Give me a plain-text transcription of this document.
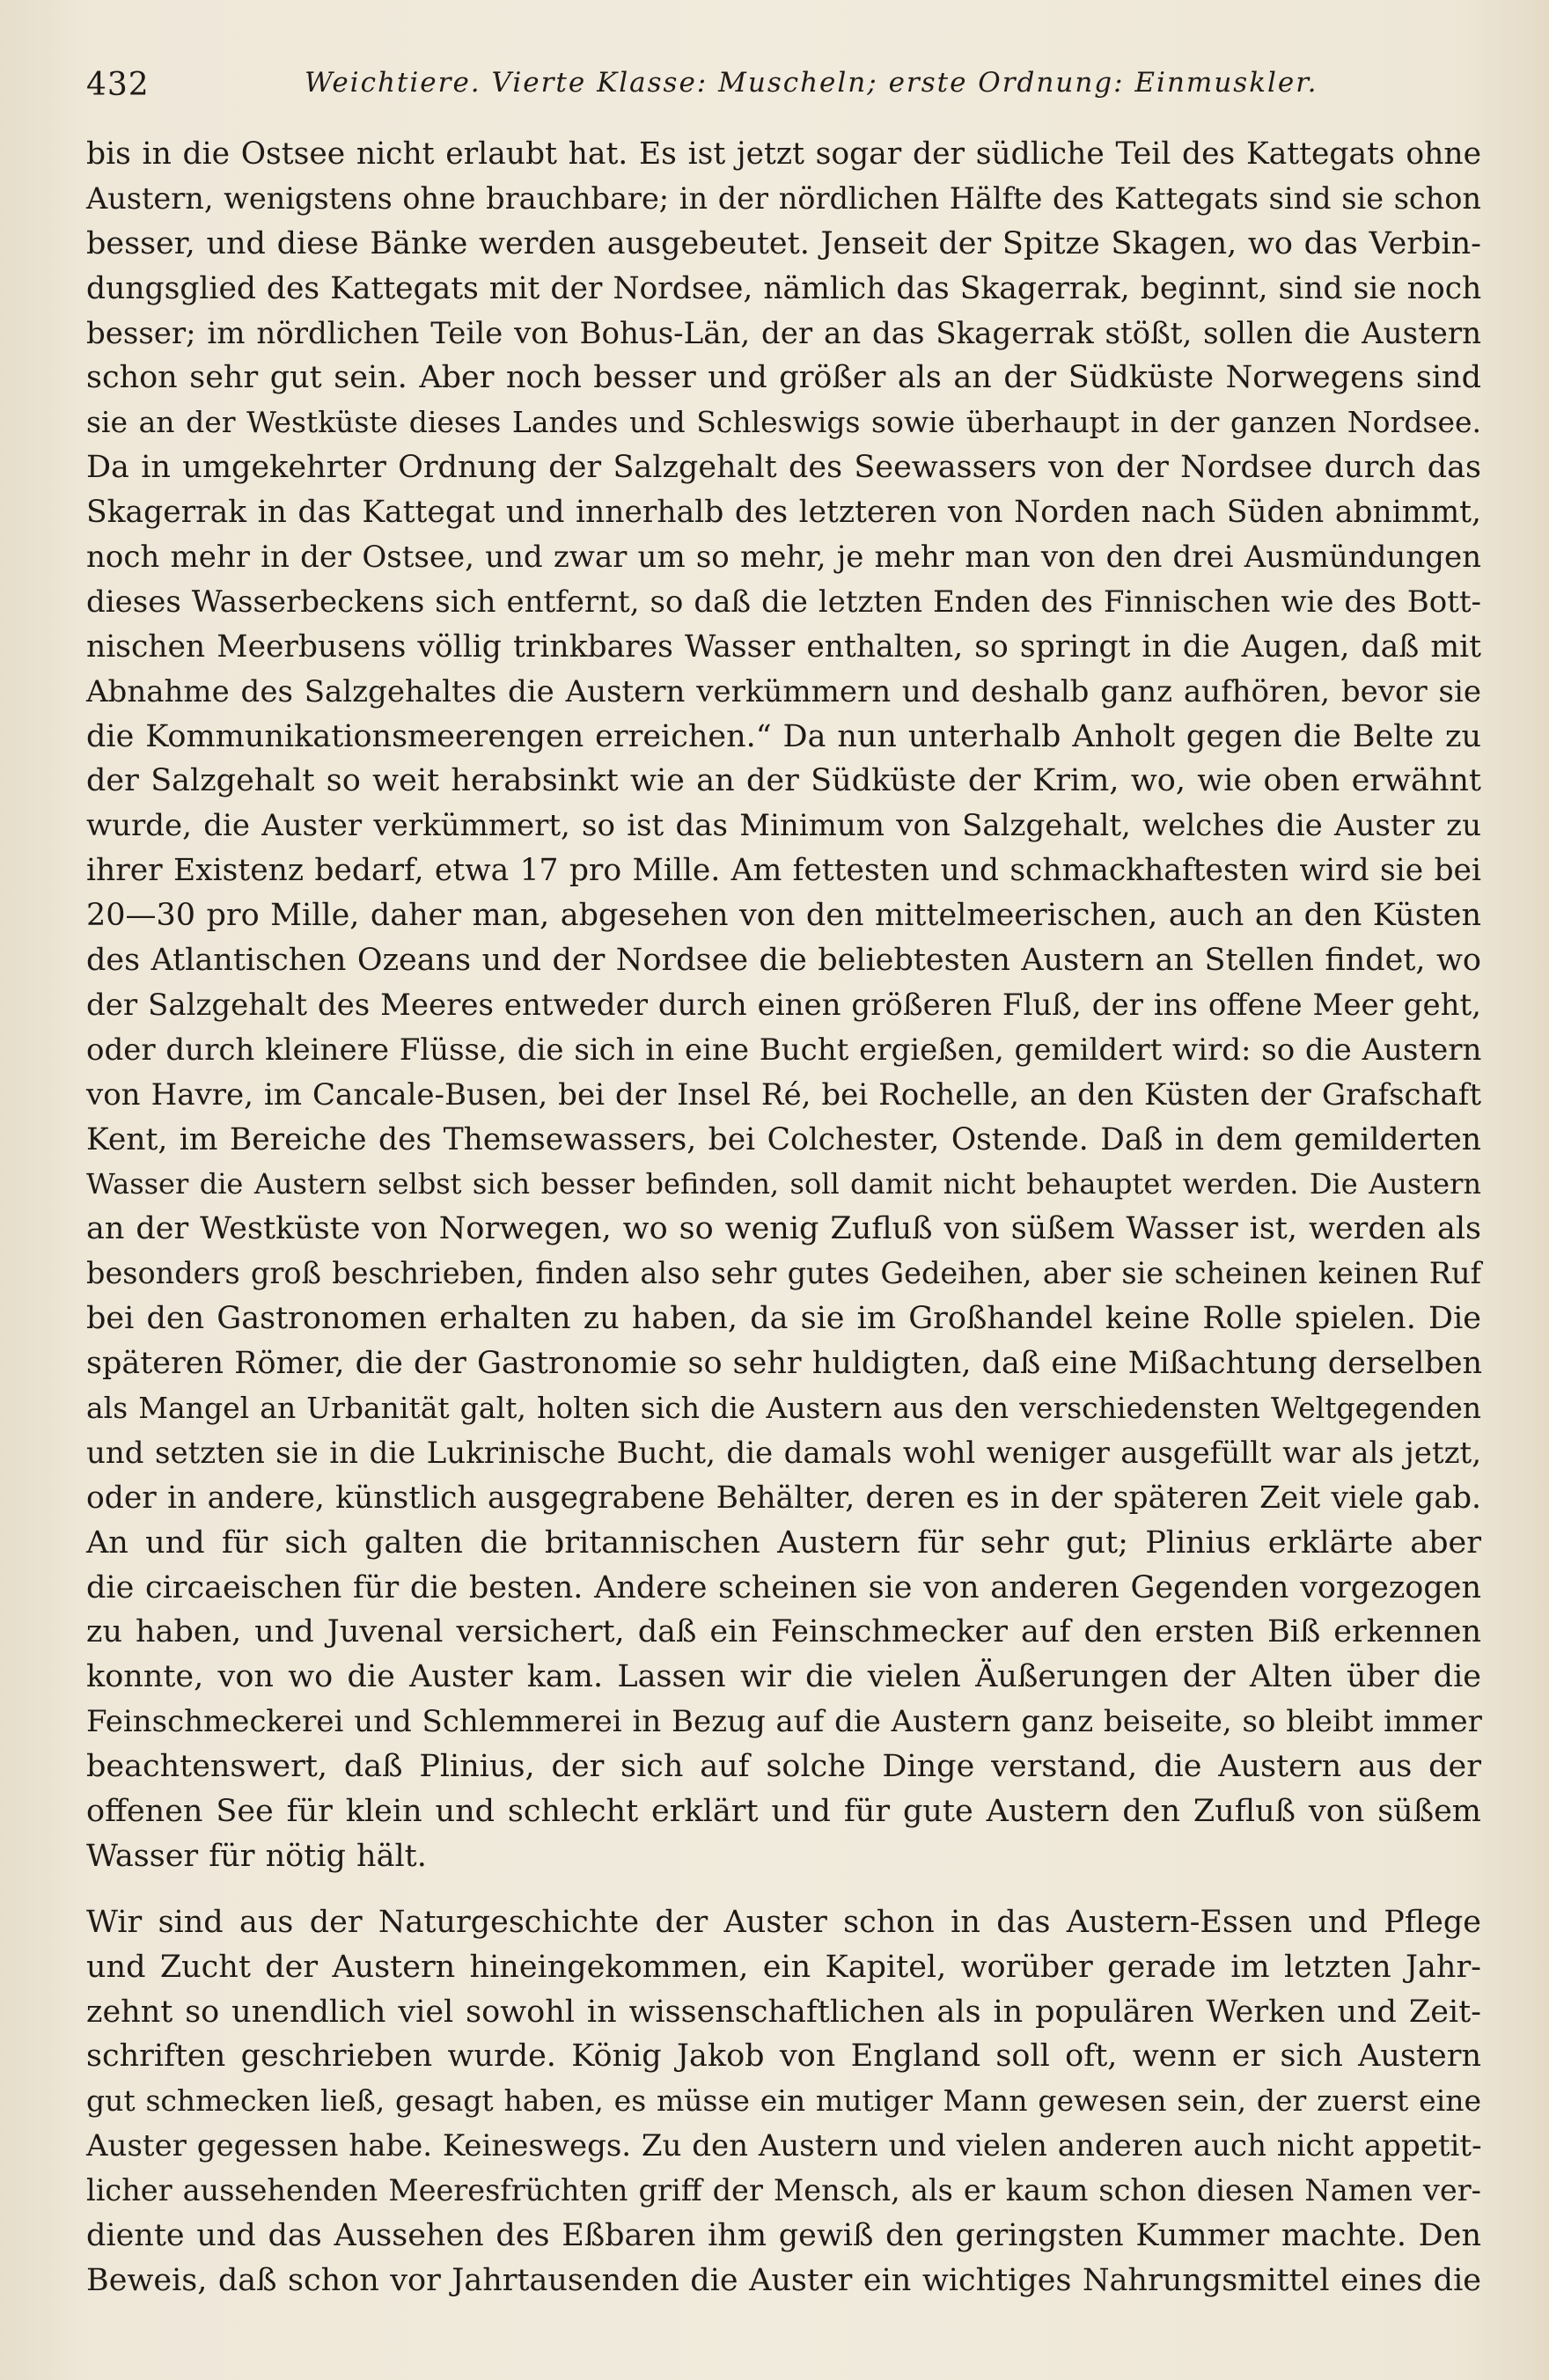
432	Weichtiere. Vierte Klasse: Muscheln; erste Ordnung: Einmuskler.
bis in die Ostsee nicht erlaubt hat. Es ist jetzt sogar der südliche Teil des Kattegats ohne
Austern, wenigstens ohne brauchbare; in der nördlichen Hälfte des Kattegats sind sie schon
besser, und diese Bänke werden ausgebeutet. Jenseit der Spitze Skagen, wo das Verbin-
dungsglied des Kattegats mit der Nordsee, nämlich das Skagerrak, beginnt, sind sie noch
besser; im nördlichen Teile von Bohus-Län, der an das Skagerrak stößt, sollen die Austern
schon sehr gut sein. Aber noch besser und größer als an der Südküste Norwegens sind
sie an der Westküste dieses Landes und Schleswigs sowie überhaupt in der ganzen Nordsee.
Da in umgekehrter Ordnung der Salzgehalt des Seewassers von der Nordsee durch das
Skagerrak in das Kattegat und innerhalb des letzteren von Norden nach Süden abnimmt,
noch mehr in der Ostsee, und zwar um so mehr, je mehr man von den drei Ausmündungen
dieses Wasserbeckens sich entfernt, so daß die letzten Enden des Finnischen wie des Bott-
nischen Meerbusens völlig trinkbares Wasser enthalten, so springt in die Augen, daß mit
Abnahme des Salzgehaltes die Austern verkümmern und deshalb ganz aufhören, bevor sie
die Kommunikationsmeerengen erreichen.“ Da nun unterhalb Anholt gegen die Belte zu
der Salzgehalt so weit herabsinkt wie an der Südküste der Krim, wo, wie oben erwähnt
wurde, die Auster verkümmert, so ist das Minimum von Salzgehalt, welches die Auster zu
ihrer Existenz bedarf, etwa 17 pro Mille. Am fettesten und schmackhaftesten wird sie bei
20—30 pro Mille, daher man, abgesehen von den mittelmeerischen, auch an den Küsten
des Atlantischen Ozeans und der Nordsee die beliebtesten Austern an Stellen findet, wo
der Salzgehalt des Meeres entweder durch einen größeren Fluß, der ins offene Meer geht,
oder durch kleinere Flüsse, die sich in eine Bucht ergießen, gemildert wird: so die Austern
von Havre, im Cancale-Busen, bei der Insel Ré, bei Rochelle, an den Küsten der Grafschaft
Kent, im Bereiche des Themsewassers, bei Colchester, Ostende. Daß in dem gemilderten
Wasser die Austern selbst sich besser befinden, soll damit nicht behauptet werden. Die Austern
an der Westküste von Norwegen, wo so wenig Zufluß von süßem Wasser ist, werden als
besonders groß beschrieben, finden also sehr gutes Gedeihen, aber sie scheinen keinen Ruf
bei den Gastronomen erhalten zu haben, da sie im Großhandel keine Rolle spielen. Die
späteren Römer, die der Gastronomie so sehr huldigten, daß eine Mißachtung derselben
als Mangel an Urbanität galt, holten sich die Austern aus den verschiedensten Weltgegenden
und setzten sie in die Lukrinische Bucht, die damals wohl weniger ausgefüllt war als jetzt,
oder in andere, künstlich ausgegrabene Behälter, deren es in der späteren Zeit viele gab.
An und für sich galten die britannischen Austern für sehr gut; Plinius erklärte aber
die circaeischen für die besten. Andere scheinen sie von anderen Gegenden vorgezogen
zu haben, und Juvenal versichert, daß ein Feinschmecker auf den ersten Biß erkennen
konnte, von wo die Auster kam. Lassen wir die vielen Äußerungen der Alten über die
Feinschmeckerei und Schlemmerei in Bezug auf die Austern ganz beiseite, so bleibt immer
beachtenswert, daß Plinius, der sich auf solche Dinge verstand, die Austern aus der
offenen See für klein und schlecht erklärt und für gute Austern den Zufluß von süßem
Wasser für nötig hält.
Wir sind aus der Naturgeschichte der Auster schon in das Austern-Essen und Pflege
und Zucht der Austern hineingekommen, ein Kapitel, worüber gerade im letzten Jahr-
zehnt so unendlich viel sowohl in wissenschaftlichen als in populären Werken und Zeit-
schriften geschrieben wurde. König Jakob von England soll oft, wenn er sich Austern
gut schmecken ließ, gesagt haben, es müsse ein mutiger Mann gewesen sein, der zuerst eine
Auster gegessen habe. Keineswegs. Zu den Austern und vielen anderen auch nicht appetit-
licher aussehenden Meeresfrüchten griff der Mensch, als er kaum schon diesen Namen ver-
diente und das Aussehen des Eßbaren ihm gewiß den geringsten Kummer machte. Den
Beweis, daß schon vor Jahrtausenden die Auster ein wichtiges Nahrungsmittel eines die
